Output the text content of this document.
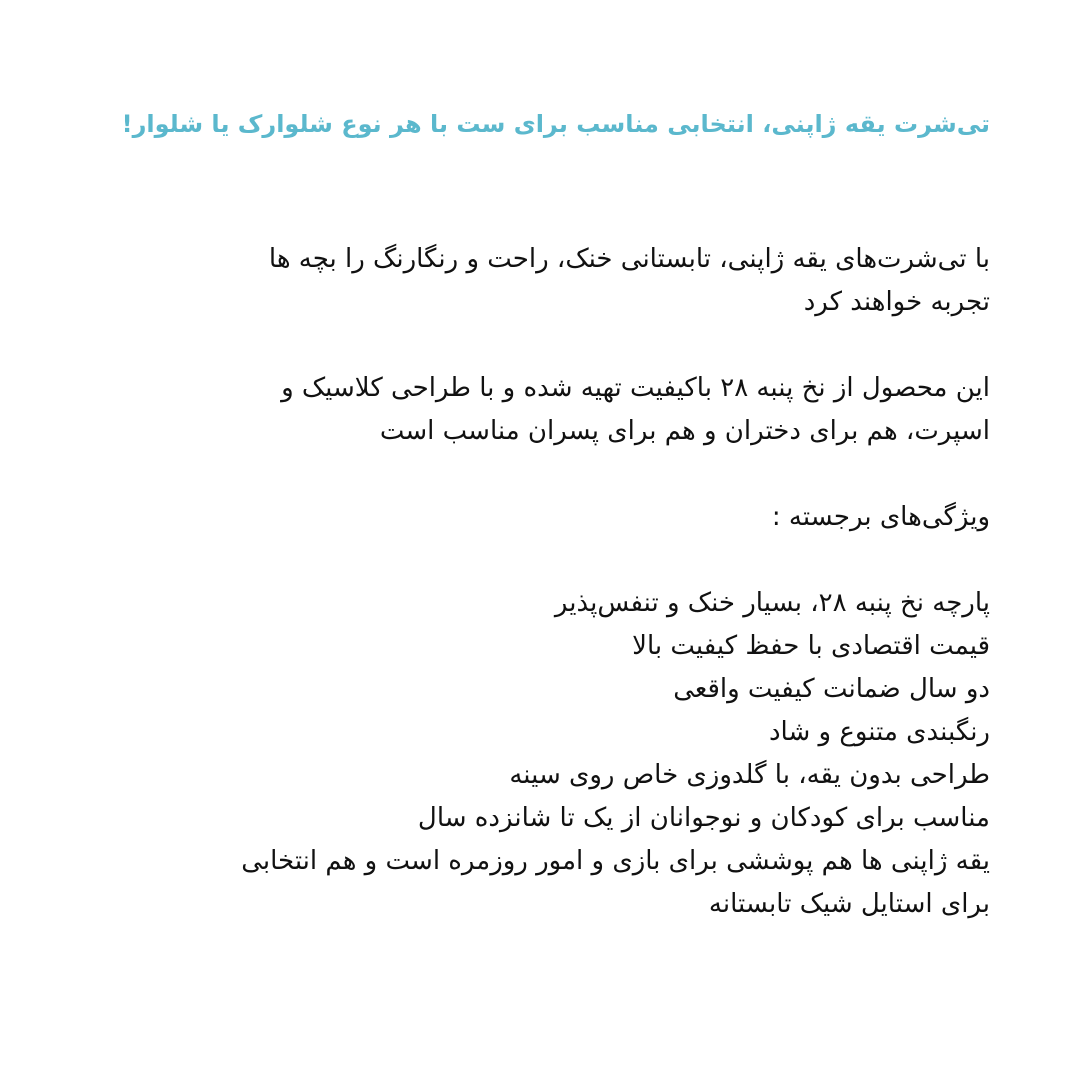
تی‌شرت یقه ژاپنی، انتخابی مناسب برای ست با هر نوع شلوارک یا شلوار!

با تی‌شرت‌های یقه ژاپنی، تابستانی خنک، راحت و رنگارنگ را بچه ها

تجربه خواهند کرد

این محصول از نخ پنبه ۲۸ باکیفیت تهیه شده و با طراحی کلاسیک و

اسپرت، هم برای دختران و هم برای پسران مناسب است

ویژگی‌های برجسته :

پارچه نخ پنبه ۲۸، بسیار خنک و تنفس‌پذیر
قیمت اقتصادی با حفظ کیفیت بالا
دو سال ضمانت کیفیت واقعی
رنگبندی متنوع و شاد
طراحی بدون یقه، با گلدوزی خاص روی سینه
مناسب برای کودکان و نوجوانان از یک تا شانزده سال
یقه ژاپنی ها هم پوششی برای بازی و امور روزمره است و هم انتخابی
برای استایل شیک تابستانه
